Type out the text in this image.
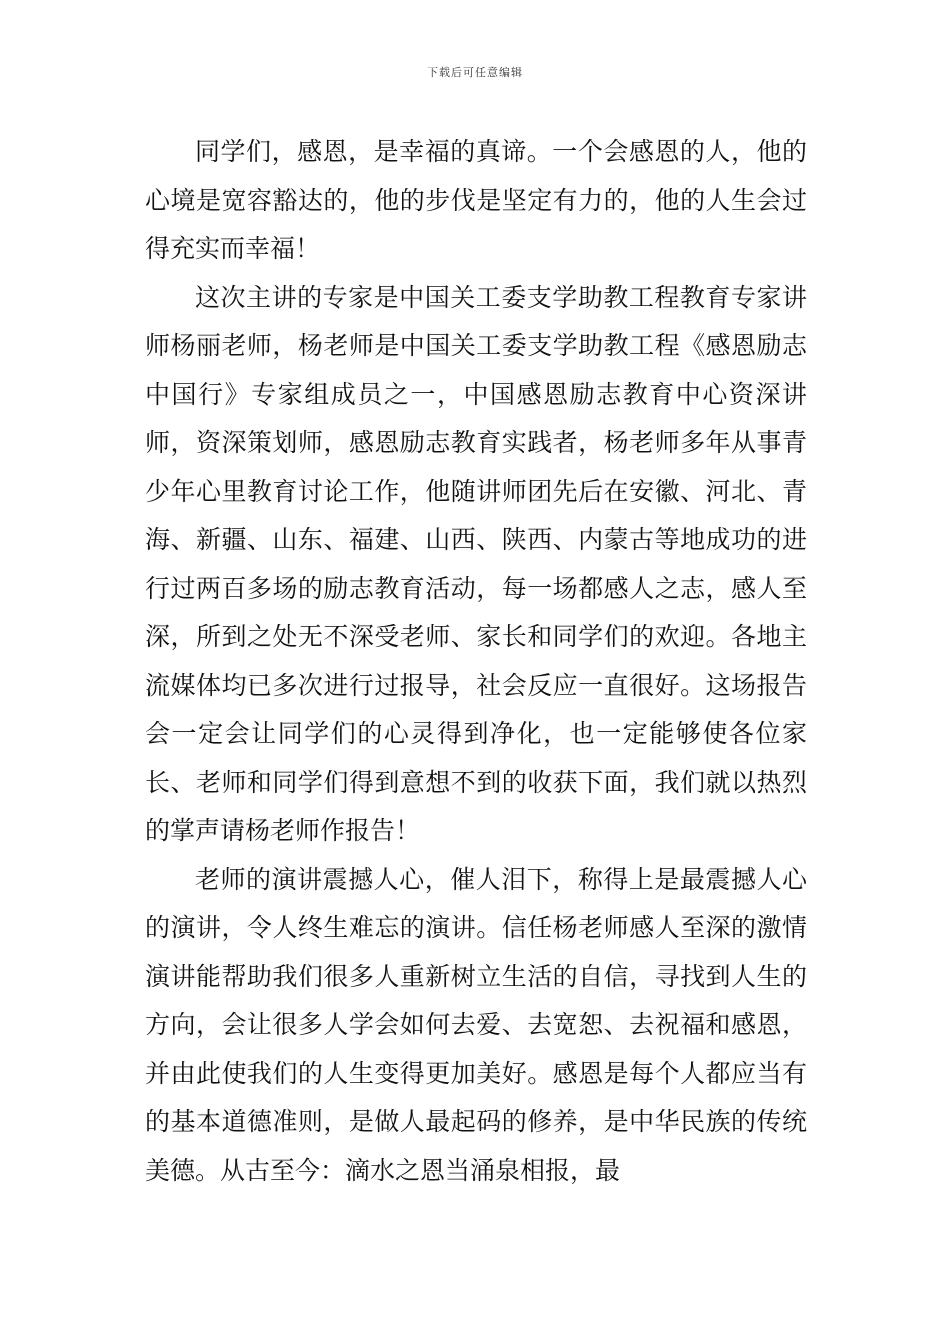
下载后可任意编辑

同学们，感恩，是幸福的真谛。一个会感恩的人，他的心境是宽容豁达的，他的步伐是坚定有力的，他的人生会过得充实而幸福！

这次主讲的专家是中国关工委支学助教工程教育专家讲师杨丽老师，杨老师是中国关工委支学助教工程《感恩励志中国行》专家组成员之一，中国感恩励志教育中心资深讲师，资深策划师，感恩励志教育实践者，杨老师多年从事青少年心里教育讨论工作，他随讲师团先后在安徽、河北、青海、新疆、山东、福建、山西、陕西、内蒙古等地成功的进行过两百多场的励志教育活动，每一场都感人之志，感人至深，所到之处无不深受老师、家长和同学们的欢迎。各地主流媒体均已多次进行过报导，社会反应一直很好。这场报告会一定会让同学们的心灵得到净化，也一定能够使各位家长、老师和同学们得到意想不到的收获下面，我们就以热烈的掌声请杨老师作报告！

老师的演讲震撼人心，催人泪下，称得上是最震撼人心的演讲，令人终生难忘的演讲。信任杨老师感人至深的激情演讲能帮助我们很多人重新树立生活的自信，寻找到人生的方向，会让很多人学会如何去爱、去宽恕、去祝福和感恩，并由此使我们的人生变得更加美好。感恩是每个人都应当有的基本道德准则，是做人最起码的修养，是中华民族的传统美德。从古至今：滴水之恩当涌泉相报，最
